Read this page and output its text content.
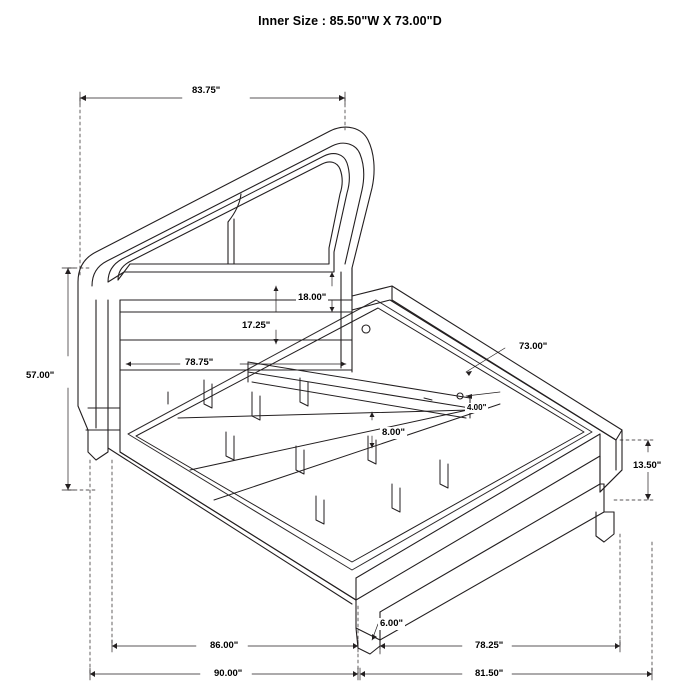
Inner Size : 85.50"W X 73.00"D
83.75"
57.00"
18.00"
17.25"
78.75"
73.00"
4.00"
8.00"
13.50"
6.00"
86.00"	78.25"
90.00"	81.50"
